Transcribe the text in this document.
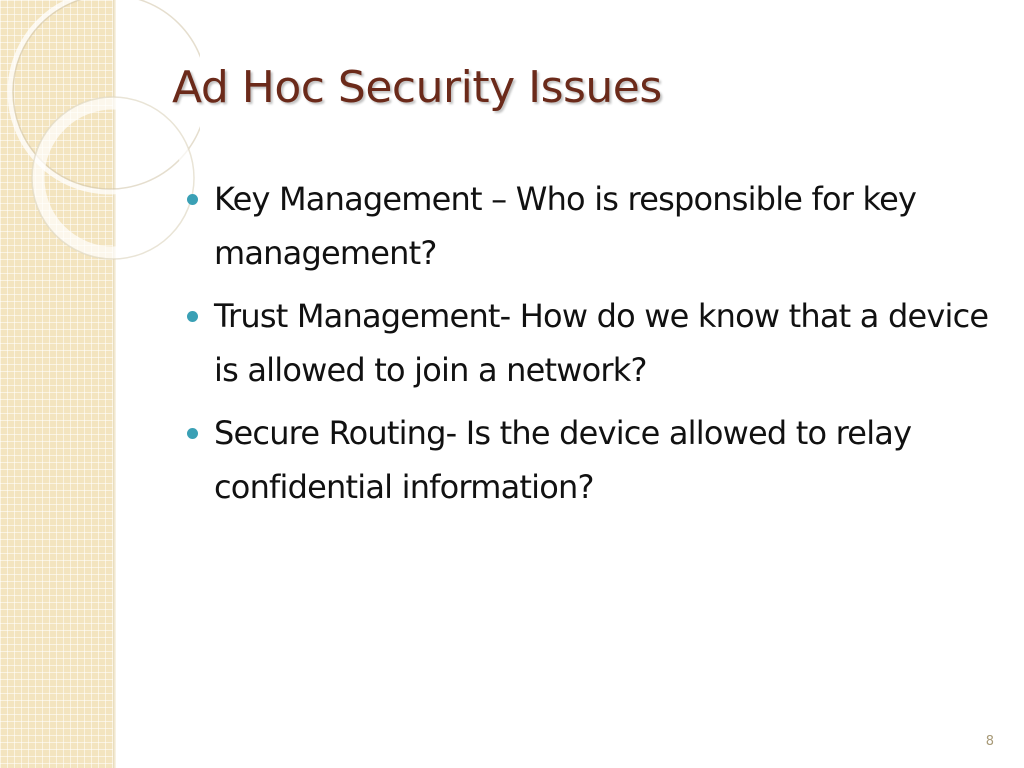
Ad Hoc Security Issues
Key Management – Who is responsible for key management?
Trust Management- How do we know that a device is allowed to join a network?
Secure Routing- Is the device allowed to relay confidential information?
8
